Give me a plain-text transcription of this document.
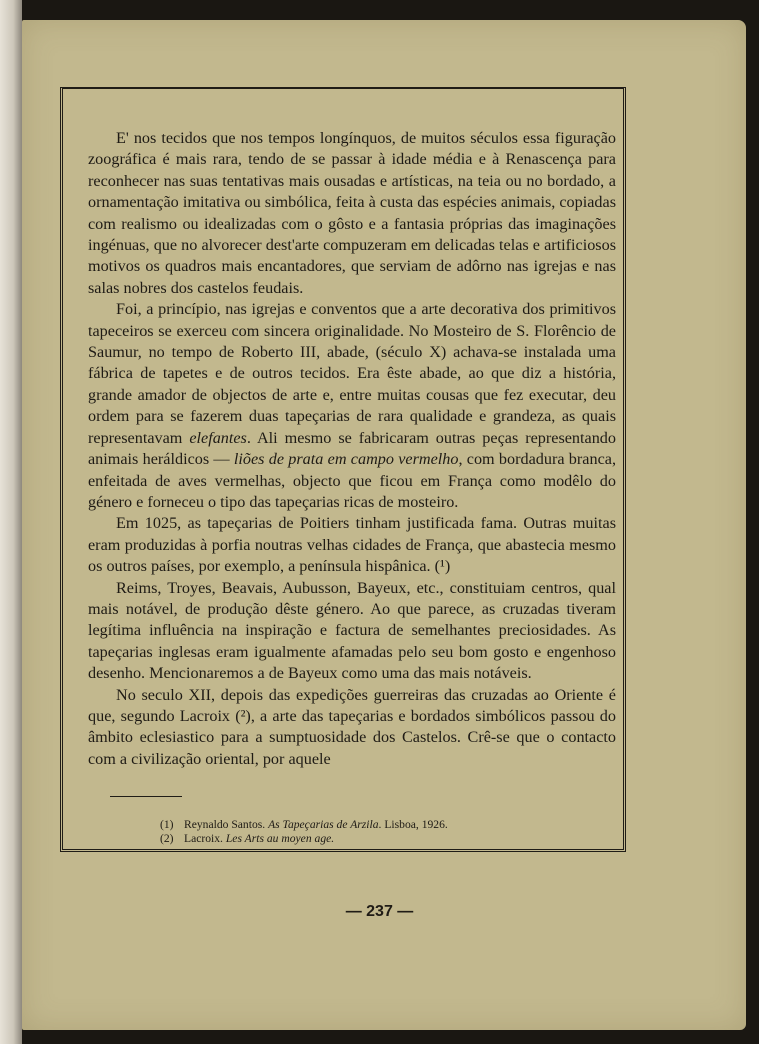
E' nos tecidos que nos tempos longínquos, de muitos séculos essa figuração zoográfica é mais rara, tendo de se passar à idade média e à Renascença para reconhecer nas suas tentativas mais ousadas e artísticas, na teia ou no bordado, a ornamentação imitativa ou simbólica, feita à custa das espécies animais, copiadas com realismo ou idealizadas com o gôsto e a fantasia próprias das imaginações ingénuas, que no alvorecer dest'arte compuzeram em delicadas telas e artificiosos motivos os quadros mais encantadores, que serviam de adôrno nas igrejas e nas salas nobres dos castelos feudais.

Foi, a princípio, nas igrejas e conventos que a arte decorativa dos primitivos tapeceiros se exerceu com sincera originalidade. No Mosteiro de S. Florêncio de Saumur, no tempo de Roberto III, abade, (século X) achava-se instalada uma fábrica de tapetes e de outros tecidos. Era êste abade, ao que diz a história, grande amador de objectos de arte e, entre muitas cousas que fez executar, deu ordem para se fazerem duas tapeçarias de rara qualidade e grandeza, as quais representavam elefantes. Ali mesmo se fabricaram outras peças representando animais heráldicos — liões de prata em campo vermelho, com bordadura branca, enfeitada de aves vermelhas, objecto que ficou em França como modêlo do género e forneceu o tipo das tapeçarias ricas de mosteiro.

Em 1025, as tapeçarias de Poitiers tinham justificada fama. Outras muitas eram produzidas à porfia noutras velhas cidades de França, que abastecia mesmo os outros países, por exemplo, a península hispânica. (¹)

Reims, Troyes, Beavais, Aubusson, Bayeux, etc., constituiam centros, qual mais notável, de produção dêste género. Ao que parece, as cruzadas tiveram legítima influência na inspiração e factura de semelhantes preciosidades. As tapeçarias inglesas eram igualmente afamadas pelo seu bom gosto e engenhoso desenho. Mencionaremos a de Bayeux como uma das mais notáveis.

No seculo XII, depois das expedições guerreiras das cruzadas ao Oriente é que, segundo Lacroix (²), a arte das tapeçarias e bordados simbólicos passou do âmbito eclesiastico para a sumptuosidade dos Castelos. Crê-se que o contacto com a civilização oriental, por aquele

(1) Reynaldo Santos. As Tapeçarias de Arzila. Lisboa, 1926.
(2) Lacroix. Les Arts au moyen age.
— 237 —
